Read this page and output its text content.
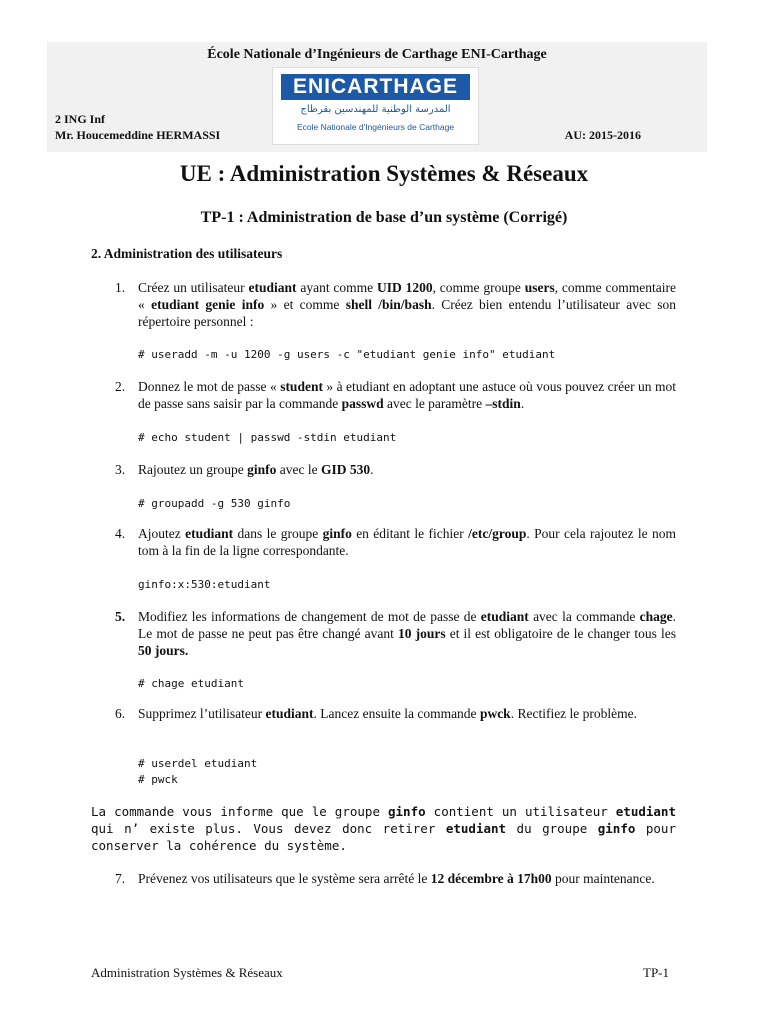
École Nationale d’Ingénieurs de Carthage ENI-Carthage
ENICARTHAGE
المدرسة الوطنية للمهندسين بقرطاج
Ecole Nationale d'Ingénieurs de Carthage
2 ING Inf
Mr. Houcemeddine HERMASSI	AU: 2015-2016
UE : Administration Systèmes & Réseaux
TP-1 : Administration de base d’un système (Corrigé)
2. Administration des utilisateurs
1. Créez un utilisateur etudiant ayant comme UID 1200, comme groupe users, comme commentaire « etudiant genie info » et comme shell /bin/bash. Créez bien entendu l’utilisateur avec son répertoire personnel :
# useradd -m -u 1200 -g users -c "etudiant genie info" etudiant
2. Donnez le mot de passe « student » à etudiant en adoptant une astuce où vous pouvez créer un mot de passe sans saisir par la commande passwd avec le paramètre –stdin.
# echo student | passwd -stdin etudiant
3. Rajoutez un groupe ginfo avec le GID 530.
# groupadd -g 530 ginfo
4. Ajoutez etudiant dans le groupe ginfo en éditant le fichier /etc/group. Pour cela rajoutez le nom tom à la fin de la ligne correspondante.
ginfo:x:530:etudiant
5. Modifiez les informations de changement de mot de passe de etudiant avec la commande chage. Le mot de passe ne peut pas être changé avant 10 jours et il est obligatoire de le changer tous les 50 jours.
# chage etudiant
6. Supprimez l’utilisateur etudiant. Lancez ensuite la commande pwck. Rectifiez le problème.
# userdel etudiant
# pwck
7. Prévenez vos utilisateurs que le système sera arrêté le 12 décembre à 17h00 pour maintenance.
La commande vous informe que le groupe ginfo contient un utilisateur etudiant qui n’ existe plus. Vous devez donc retirer etudiant du groupe ginfo pour conserver la cohérence du système.
Administration Systèmes & Réseaux	TP-1
